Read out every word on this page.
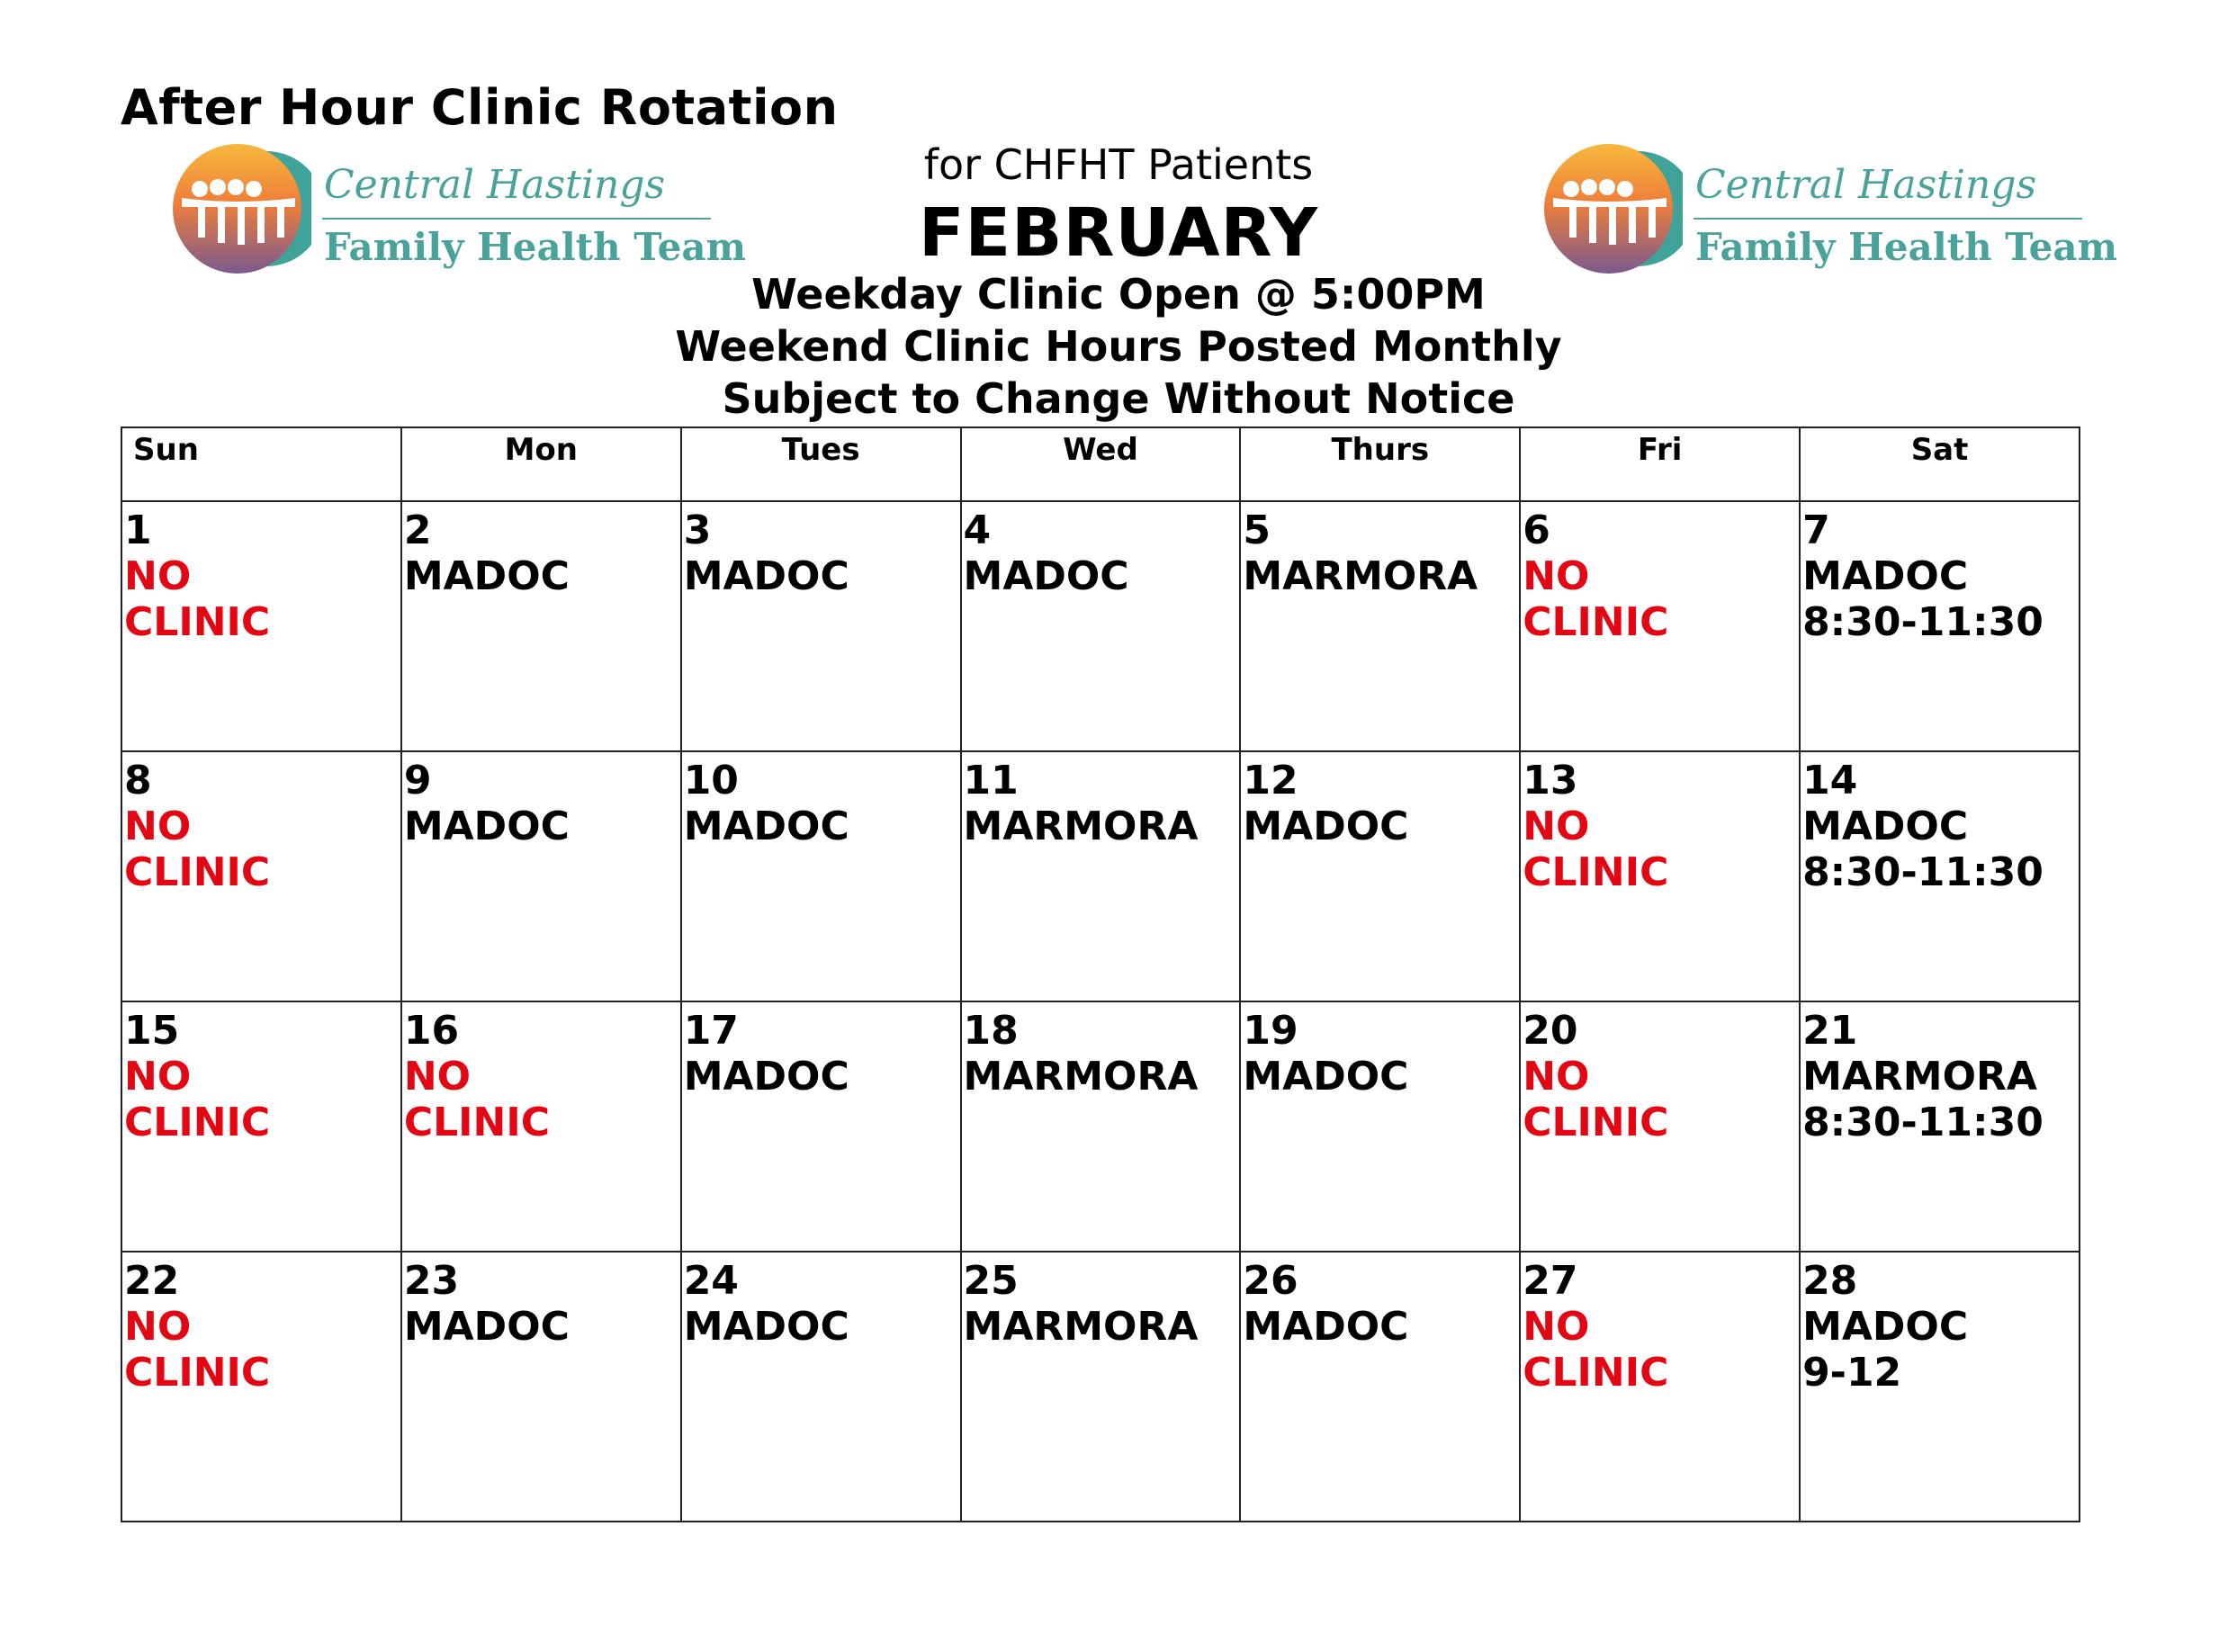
After Hour Clinic Rotation
Central Hastings
Family Health Team
Central Hastings
Family Health Team
for CHFHT Patients
FEBRUARY
Weekday Clinic Open @ 5:00PM
Weekend Clinic Hours Posted Monthly
Subject to Change Without Notice
Sun	Mon	Tues	Wed	Thurs	Fri	Sat

1
NO
CLINIC	2
MADOC	3
MADOC	4
MADOC	5
MARMORA	6
NO
CLINIC	7
MADOC
8:30-11:30

8
NO
CLINIC	9
MADOC	10
MADOC	11
MARMORA	12
MADOC	13
NO
CLINIC	14
MADOC
8:30-11:30

15
NO
CLINIC	16
NO
CLINIC	17
MADOC	18
MARMORA	19
MADOC	20
NO
CLINIC	21
MARMORA
8:30-11:30

22
NO
CLINIC	23
MADOC	24
MADOC	25
MARMORA	26
MADOC	27
NO
CLINIC	28
MADOC
9-12
